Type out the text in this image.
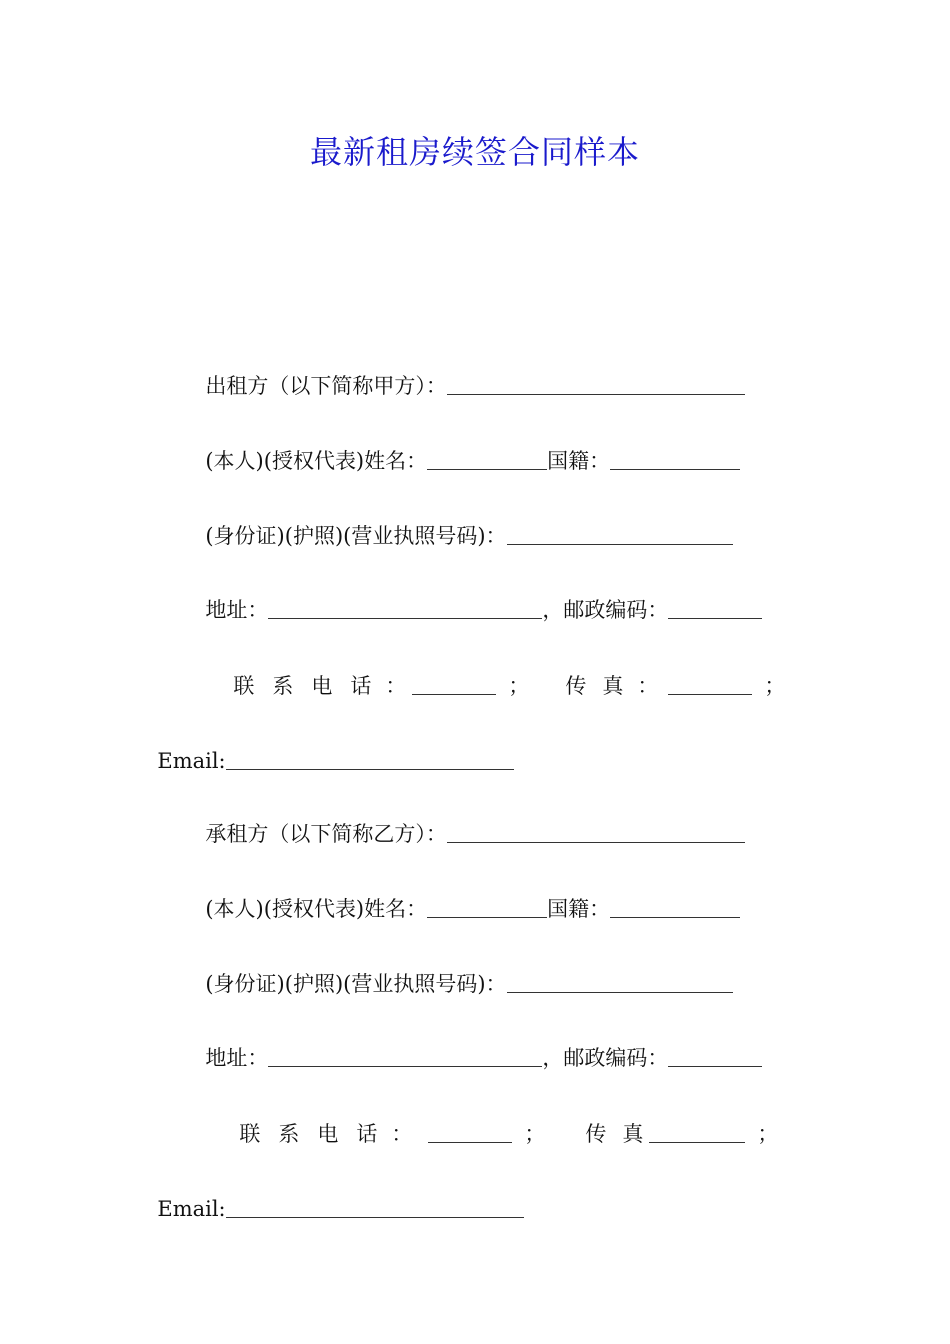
最新租房续签合同样本

出租方（以下简称甲方）：

(本人)(授权代表)姓名：	国籍：

(身份证)(护照)(营业执照号码)：

地址：	，邮政编码：

联 系 电 话 ：	； 传 真 ：	；

Email:

承租方（以下简称乙方）：

(本人)(授权代表)姓名：	国籍：

(身份证)(护照)(营业执照号码)：

地址：	，邮政编码：

联 系 电 话 ：	； 传 真	；

Email:
